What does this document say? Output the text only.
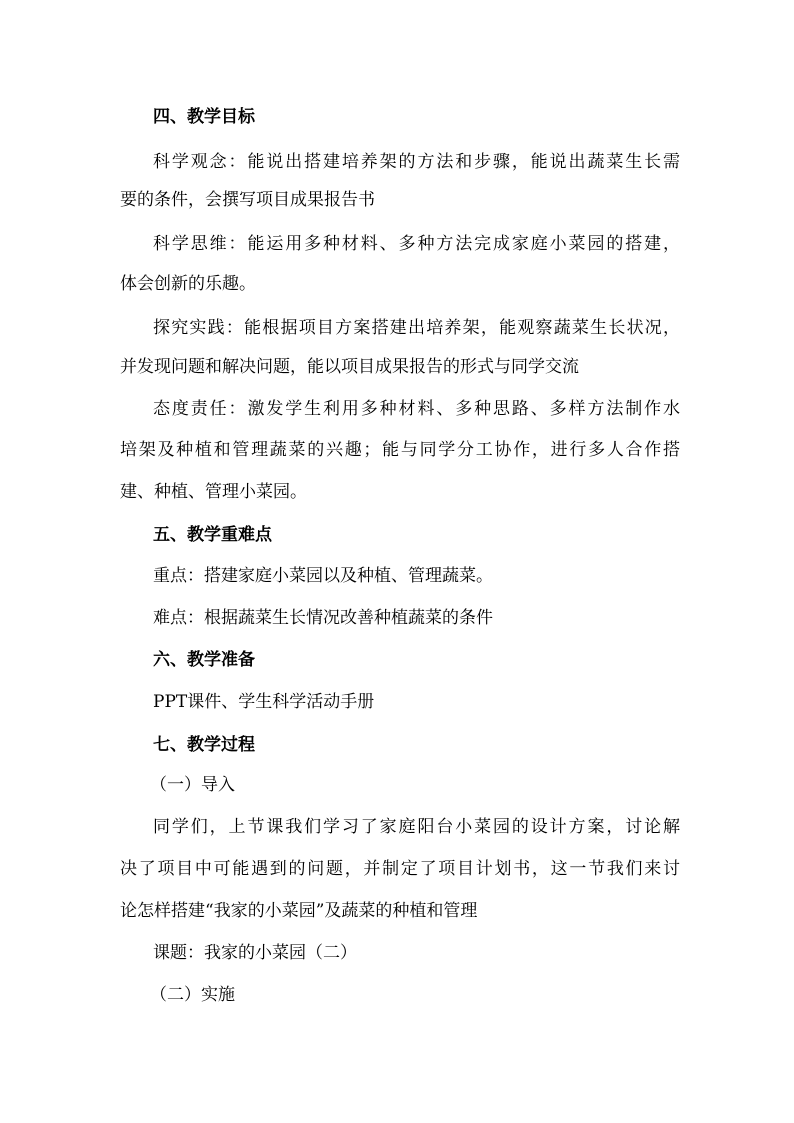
四、教学目标
科学观念：能说出搭建培养架的方法和步骤，能说出蔬菜生长需
要的条件，会撰写项目成果报告书
科学思维：能运用多种材料、多种方法完成家庭小菜园的搭建，
体会创新的乐趣。
探究实践：能根据项目方案搭建出培养架，能观察蔬菜生长状况，
并发现问题和解决问题，能以项目成果报告的形式与同学交流
态度责任：激发学生利用多种材料、多种思路、多样方法制作水
培架及种植和管理蔬菜的兴趣；能与同学分工协作，进行多人合作搭
建、种植、管理小菜园。
五、教学重难点
重点：搭建家庭小菜园以及种植、管理蔬菜。
难点：根据蔬菜生长情况改善种植蔬菜的条件
六、教学准备
PPT课件、学生科学活动手册
七、教学过程
（一）导入
同学们，上节课我们学习了家庭阳台小菜园的设计方案，讨论解
决了项目中可能遇到的问题，并制定了项目计划书，这一节我们来讨
论怎样搭建“我家的小菜园”及蔬菜的种植和管理
课题：我家的小菜园（二）
（二）实施
